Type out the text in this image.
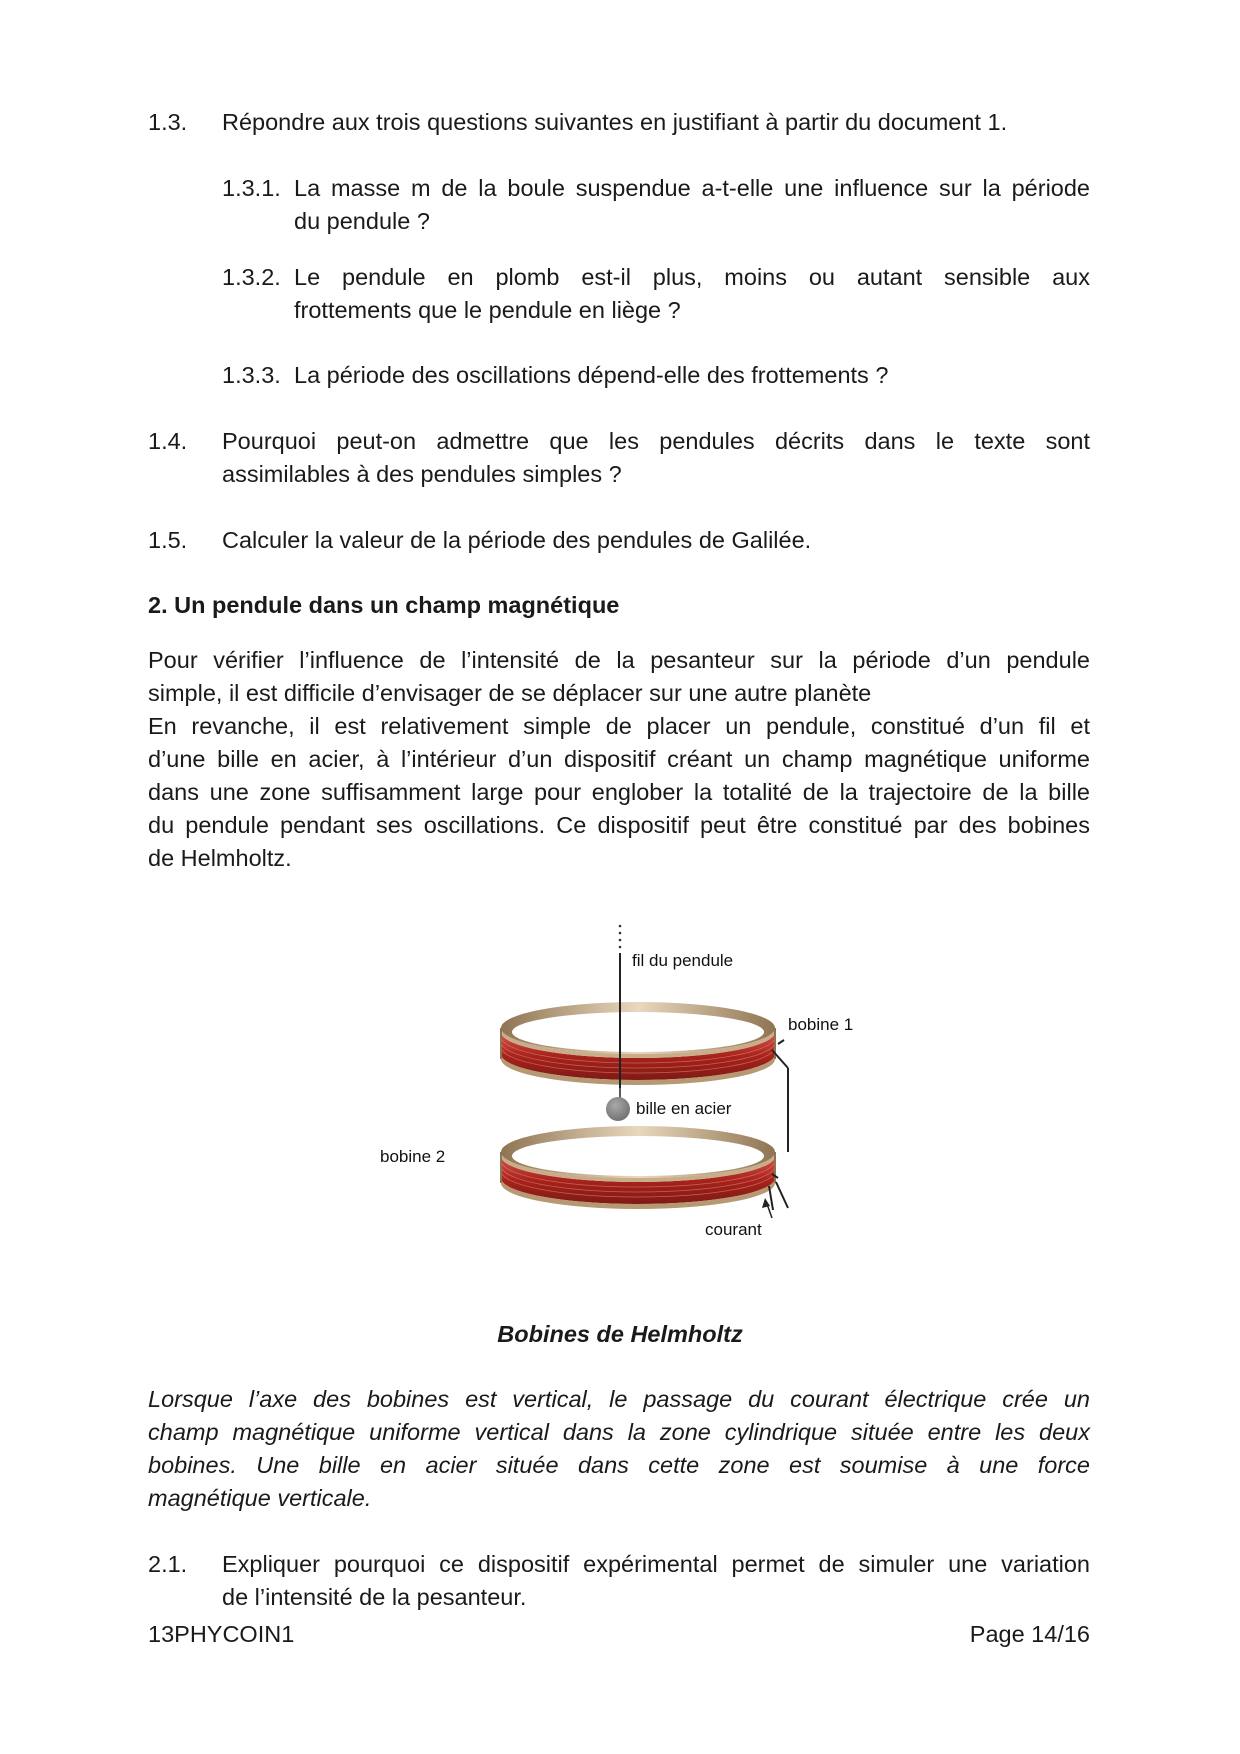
1.3. Répondre aux trois questions suivantes en justifiant à partir du document 1.
1.3.1. La masse m de la boule suspendue a-t-elle une influence sur la période
du pendule ?
1.3.2. Le pendule en plomb est-il plus, moins ou autant sensible aux
frottements que le pendule en liège ?
1.3.3. La période des oscillations dépend-elle des frottements ?
1.4. Pourquoi peut-on admettre que les pendules décrits dans le texte sont
assimilables à des pendules simples ?
1.5. Calculer la valeur de la période des pendules de Galilée.
2. Un pendule dans un champ magnétique
Pour vérifier l’influence de l’intensité de la pesanteur sur la période d’un pendule
simple, il est difficile d’envisager de se déplacer sur une autre planète
En revanche, il est relativement simple de placer un pendule, constitué d’un fil et
d’une bille en acier, à l’intérieur d’un dispositif créant un champ magnétique uniforme
dans une zone suffisamment large pour englober la totalité de la trajectoire de la bille
du pendule pendant ses oscillations. Ce dispositif peut être constitué par des bobines
de Helmholtz.
fil du pendule
bobine 1
bille en acier
bobine 2
courant
Bobines de Helmholtz
Lorsque l’axe des bobines est vertical, le passage du courant électrique crée un
champ magnétique uniforme vertical dans la zone cylindrique située entre les deux
bobines. Une bille en acier située dans cette zone est soumise à une force
magnétique verticale.
2.1. Expliquer pourquoi ce dispositif expérimental permet de simuler une variation
de l’intensité de la pesanteur.
13PHYCOIN1	Page 14/16
